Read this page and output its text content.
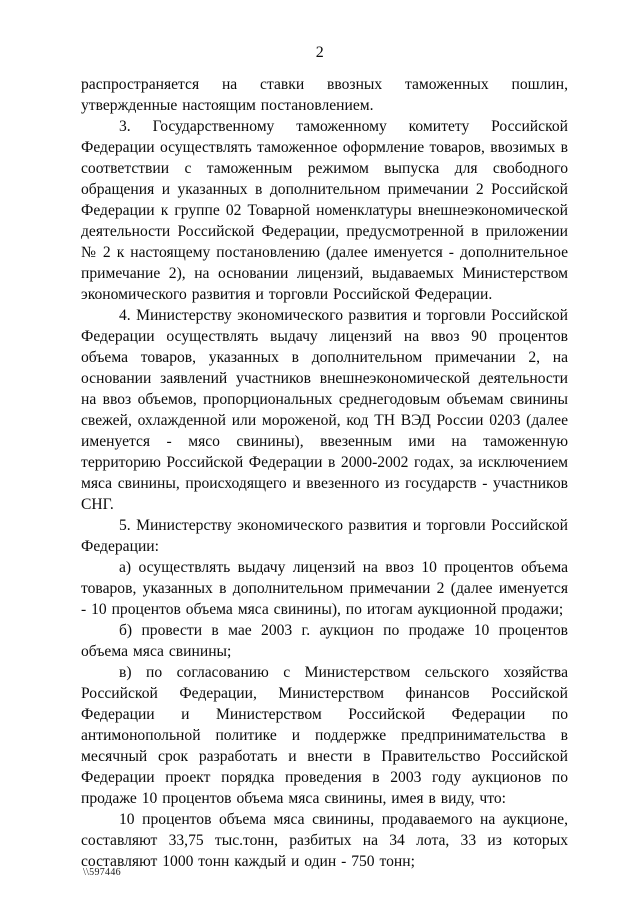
2

распространяется на ставки ввозных таможенных пошлин, утвержденные настоящим постановлением.

3. Государственному таможенному комитету Российской Федерации осуществлять таможенное оформление товаров, ввозимых в соответствии с таможенным режимом выпуска для свободного обращения и указанных в дополнительном примечании 2 Российской Федерации к группе 02 Товарной номенклатуры внешнеэкономической деятельности Российской Федерации, предусмотренной в приложении № 2 к настоящему постановлению (далее именуется - дополнительное примечание 2), на основании лицензий, выдаваемых Министерством экономического развития и торговли Российской Федерации.

4. Министерству экономического развития и торговли Российской Федерации осуществлять выдачу лицензий на ввоз 90 процентов объема товаров, указанных в дополнительном примечании 2, на основании заявлений участников внешнеэкономической деятельности на ввоз объемов, пропорциональных среднегодовым объемам свинины свежей, охлажденной или мороженой, код ТН ВЭД России 0203 (далее именуется - мясо свинины), ввезенным ими на таможенную территорию Российской Федерации в 2000-2002 годах, за исключением мяса свинины, происходящего и ввезенного из государств - участников СНГ.

5. Министерству экономического развития и торговли Российской Федерации:

а) осуществлять выдачу лицензий на ввоз 10 процентов объема товаров, указанных в дополнительном примечании 2 (далее именуется - 10 процентов объема мяса свинины), по итогам аукционной продажи;

б) провести в мае 2003 г. аукцион по продаже 10 процентов объема мяса свинины;

в) по согласованию с Министерством сельского хозяйства Российской Федерации, Министерством финансов Российской Федерации и Министерством Российской Федерации по антимонопольной политике и поддержке предпринимательства в месячный срок разработать и внести в Правительство Российской Федерации проект порядка проведения в 2003 году аукционов по продаже 10 процентов объема мяса свинины, имея в виду, что:

10 процентов объема мяса свинины, продаваемого на аукционе, составляют 33,75 тыс.тонн, разбитых на 34 лота, 33 из которых составляют 1000 тонн каждый и один - 750 тонн;

\\597446
